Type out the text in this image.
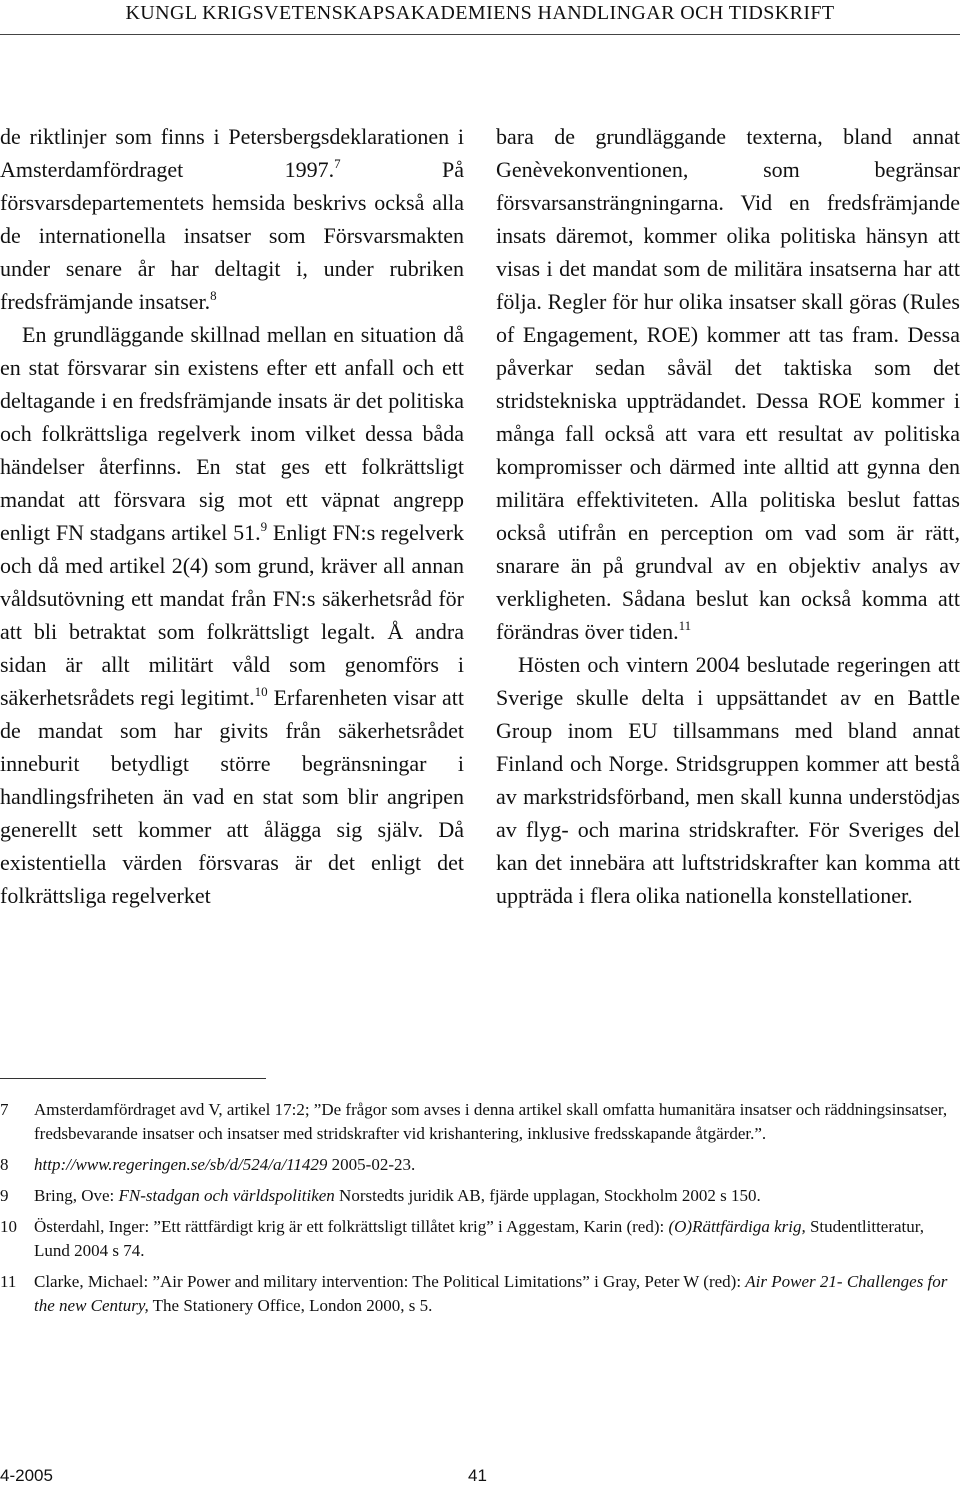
KUNGL KRIGSVETENSKAPSAKADEMIENS HANDLINGAR OCH TIDSKRIFT

de riktlinjer som finns i Petersbergsdeklarationen i Amsterdamfördraget 1997.$^7$ På försvarsdepartementets hemsida beskrivs också alla de internationella insatser som Försvarsmakten under senare år har deltagit i, under rubriken fredsfrämjande insatser.$^8$

En grundläggande skillnad mellan en situation då en stat försvarar sin existens efter ett anfall och ett deltagande i en fredsfrämjande insats är det politiska och folkrättsliga regelverk inom vilket dessa båda händelser återfinns. En stat ges ett folkrättsligt mandat att försvara sig mot ett väpnat angrepp enligt FN stadgans artikel 51.$^9$ Enligt FN:s regelverk och då med artikel 2(4) som grund, kräver all annan våldsutövning ett mandat från FN:s säkerhetsråd för att bli betraktat som folkrättsligt legalt. Å andra sidan är allt militärt våld som genomförs i säkerhetsrådets regi legitimt.$^{10}$ Erfarenheten visar att de mandat som har givits från säkerhetsrådet inneburit betydligt större begränsningar i handlingsfriheten än vad en stat som blir angripen generellt sett kommer att ålägga sig själv. Då existentiella värden försvaras är det enligt det folkrättsliga regelverket

bara de grundläggande texterna, bland annat Genèvekonventionen, som begränsar försvarsansträngningarna. Vid en fredsfrämjande insats däremot, kommer olika politiska hänsyn att visas i det mandat som de militära insatserna har att följa. Regler för hur olika insatser skall göras (Rules of Engagement, ROE) kommer att tas fram. Dessa påverkar sedan såväl det taktiska som det stridstekniska uppträdandet. Dessa ROE kommer i många fall också att vara ett resultat av politiska kompromisser och därmed inte alltid att gynna den militära effektiviteten. Alla politiska beslut fattas också utifrån en perception om vad som är rätt, snarare än på grundval av en objektiv analys av verkligheten. Sådana beslut kan också komma att förändras över tiden.$^{11}$

Hösten och vintern 2004 beslutade regeringen att Sverige skulle delta i uppsättandet av en Battle Group inom EU tillsammans med bland annat Finland och Norge. Stridsgruppen kommer att bestå av markstridsförband, men skall kunna understödjas av flyg- och marina stridskrafter. För Sveriges del kan det innebära att luftstridskrafter kan komma att uppträda i flera olika nationella konstellationer.

7 Amsterdamfördraget avd V, artikel 17:2; ”De frågor som avses i denna artikel skall omfatta humanitära insatser och räddningsinsatser, fredsbevarande insatser och insatser med stridskrafter vid krishantering, inklusive fredsskapande åtgärder.”.
8 http://www.regeringen.se/sb/d/524/a/11429 2005-02-23.
9 Bring, Ove: FN-stadgan och världspolitiken Norstedts juridik AB, fjärde upplagan, Stockholm 2002 s 150.
10 Österdahl, Inger: ”Ett rättfärdigt krig är ett folkrättsligt tillåtet krig” i Aggestam, Karin (red): (O)Rättfärdiga krig, Studentlitteratur, Lund 2004 s 74.
11 Clarke, Michael: ”Air Power and military intervention: The Political Limitations” i Gray, Peter W (red): Air Power 21- Challenges for the new Century, The Stationery Office, London 2000, s 5.
4-2005	41
